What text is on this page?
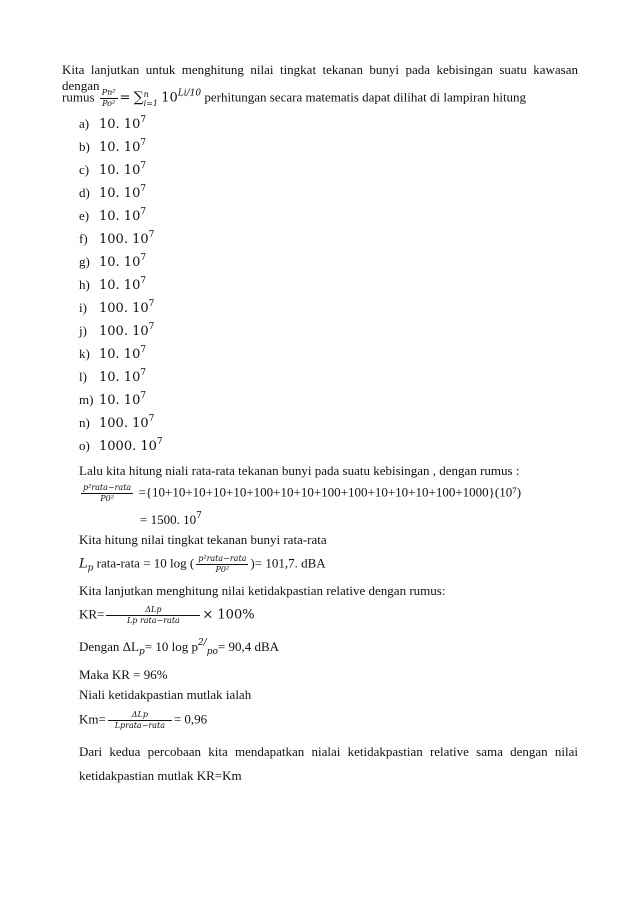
Kita lanjutkan untuk menghitung nilai tingkat tekanan bunyi pada kebisingan suatu kawasan dengan
rumus $\frac{\text{Pn²}}{\text{Po²}}$ = ∑ n
i=1 $10^{Li/10}$ perhitungan secara matematis dapat dilihat di lampiran hitung
a) 10. $10^7$
b) 10. $10^7$
c) 10. $10^7$
d) 10. $10^7$
e) 10. $10^7$
f) 100. $10^7$
g) 10. $10^7$
h) 10. $10^7$
i) 100. $10^7$
j) 100. $10^7$
k) 10. $10^7$
l) 10. $10^7$
m) 10. $10^7$
n) 100. $10^7$
o) 1000. $10^7$
Lalu kita hitung niali rata-rata tekanan bunyi pada suatu kebisingan , dengan rumus :
$\frac{\text{p²rata−rata}}{\text{P0²}} =\{10+10+10+10+10+100+10+10+100+100+10+10+10+100+1000\}(10^7)$
= 1500. $10^7$
Kita hitung nilai tingkat tekanan bunyi rata-rata
$L_p$ rata-rata = 10 log ( $\frac{\text{p²rata−rata}}{\text{P0²}}$ )= 101,7. dBA
Kita lanjutkan menghitung nilai ketidakpastian relative dengan rumus:
$KR= \frac{\text{ΔLp}}{\text{Lp rata−rata}} \times 100\%$
Dengan $\Delta L_p= 10$ $\log p^{2/}_{po}= 90,4$ dBA
Maka KR = 96%
Niali ketidakpastian mutlak ialah
$Km= \frac{\text{ΔLp}}{\text{Lprata−rata}} = 0,96$
Dari kedua percobaan kita mendapatkan nialai ketidakpastian relative sama dengan nilai
ketidakpastian mutlak KR=Km
